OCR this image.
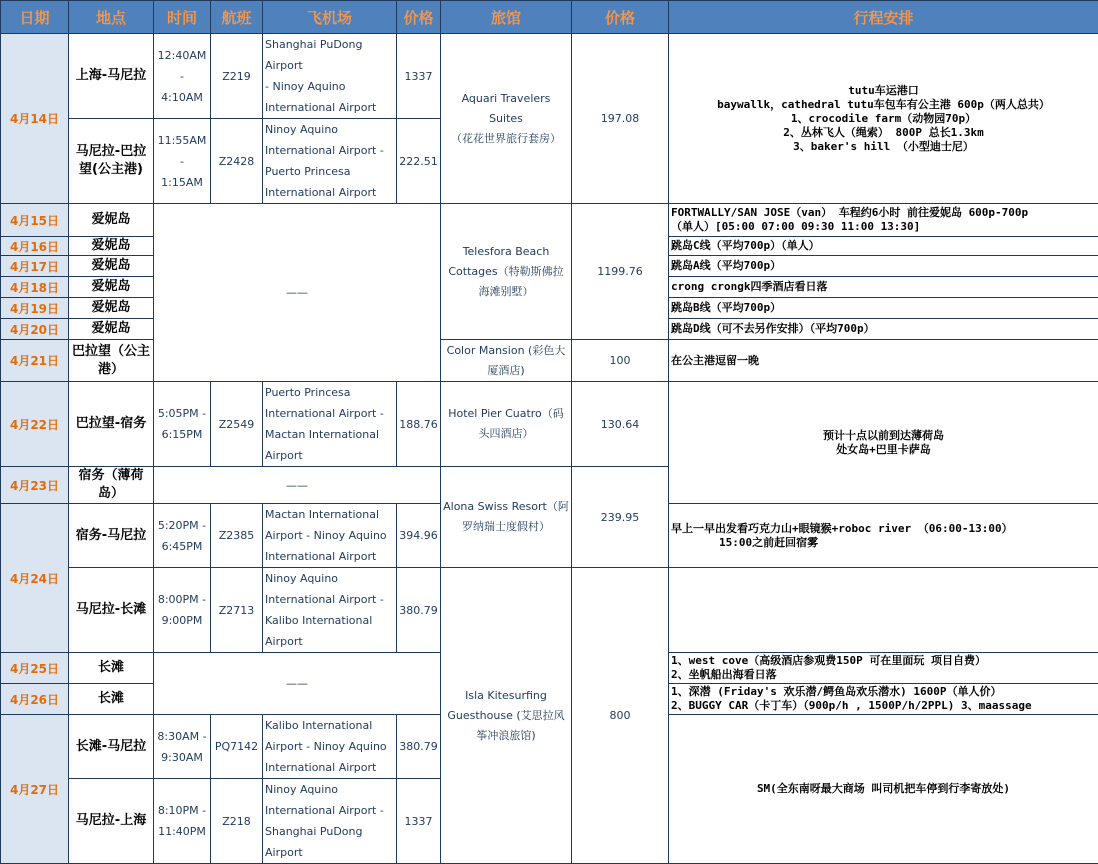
日期	地点	时间	航班	飞机场	价格	旅馆	价格	行程安排
4月14日	上海-马尼拉	12:40AM -
4:10AM	Z219	Shanghai PuDong Airport
- Ninoy Aquino
International Airport	1337	Aquari Travelers Suites
（花花世界旅行套房）	197.08	tutu车运港口
baywallk，cathedral tutu车包车有公主港 600p（两人总共）
1、crocodile farm（动物园70p）
2、丛林飞人（绳索） 800P 总长1.3km
3、baker's hill （小型迪士尼）

	马尼拉-巴拉望(公主港)	11:55AM -
1:15AM	Z2428	Ninoy Aquino
International Airport -
Puerto Princesa
International Airport	222.51			
4月15日	爱妮岛	——				Telesfora Beach
Cottages（特勒斯佛拉
海滩别墅）	1199.76	FORTWALLY/SAN JOSE（van） 车程约6小时 前往爱妮岛 600p-700p
（单人）[05:00 07:00 09:30 11:00 13:30]

4月16日	爱妮岛							跳岛C线（平均700p）（单人）
4月17日	爱妮岛							跳岛A线（平均700p）
4月18日	爱妮岛							crong crongk四季酒店看日落
4月19日	爱妮岛							跳岛B线（平均700p）
4月20日	爱妮岛							跳岛D线（可不去另作安排）（平均700p）
4月21日	巴拉望（公主港）					Color Mansion (彩色大
厦酒店)	100	在公主港逗留一晚
4月22日	巴拉望-宿务	5:05PM -
6:15PM	Z2549	Puerto Princesa
International Airport -
Mactan International
Airport	188.76	Hotel Pier Cuatro（码
头四酒店）	130.64	预计十点以前到达薄荷岛
处女岛+巴里卡萨岛

4月23日	宿务（薄荷岛）	——				Alona Swiss Resort（阿
罗纳瑞士度假村）	239.95	
4月24日	宿务-马尼拉	5:20PM -
6:45PM	Z2385	Mactan International
Airport - Ninoy Aquino
International Airport	394.96			早上一早出发看巧克力山+眼镜猴+roboc river （06:00-13:00）
15:00之前赶回宿雾

	马尼拉-长滩	8:00PM -
9:00PM	Z2713	Ninoy Aquino
International Airport -
Kalibo International
Airport	380.79	Isla Kitesurfing
Guesthouse (艾思拉风
筝冲浪旅馆)	800	
4月25日	长滩	——						1、west cove（高级酒店参观费150P 可在里面玩 项目自费）
2、坐帆船出海看日落

4月26日	长滩							1、深潜 (Friday's 欢乐潜/鳄鱼岛欢乐潜水) 1600P（单人价）
2、BUGGY CAR（卡丁车）（900p/h , 1500P/h/2PPL) 3、maassage

4月27日	长滩-马尼拉	8:30AM -
9:30AM	PQ7142	Kalibo International
Airport - Ninoy Aquino
International Airport	380.79			SM(全东南呀最大商场 叫司机把车停到行李寄放处)
	马尼拉-上海	8:10PM -
11:40PM	Z218	Ninoy Aquino
International Airport -
Shanghai PuDong Airport	1337			
